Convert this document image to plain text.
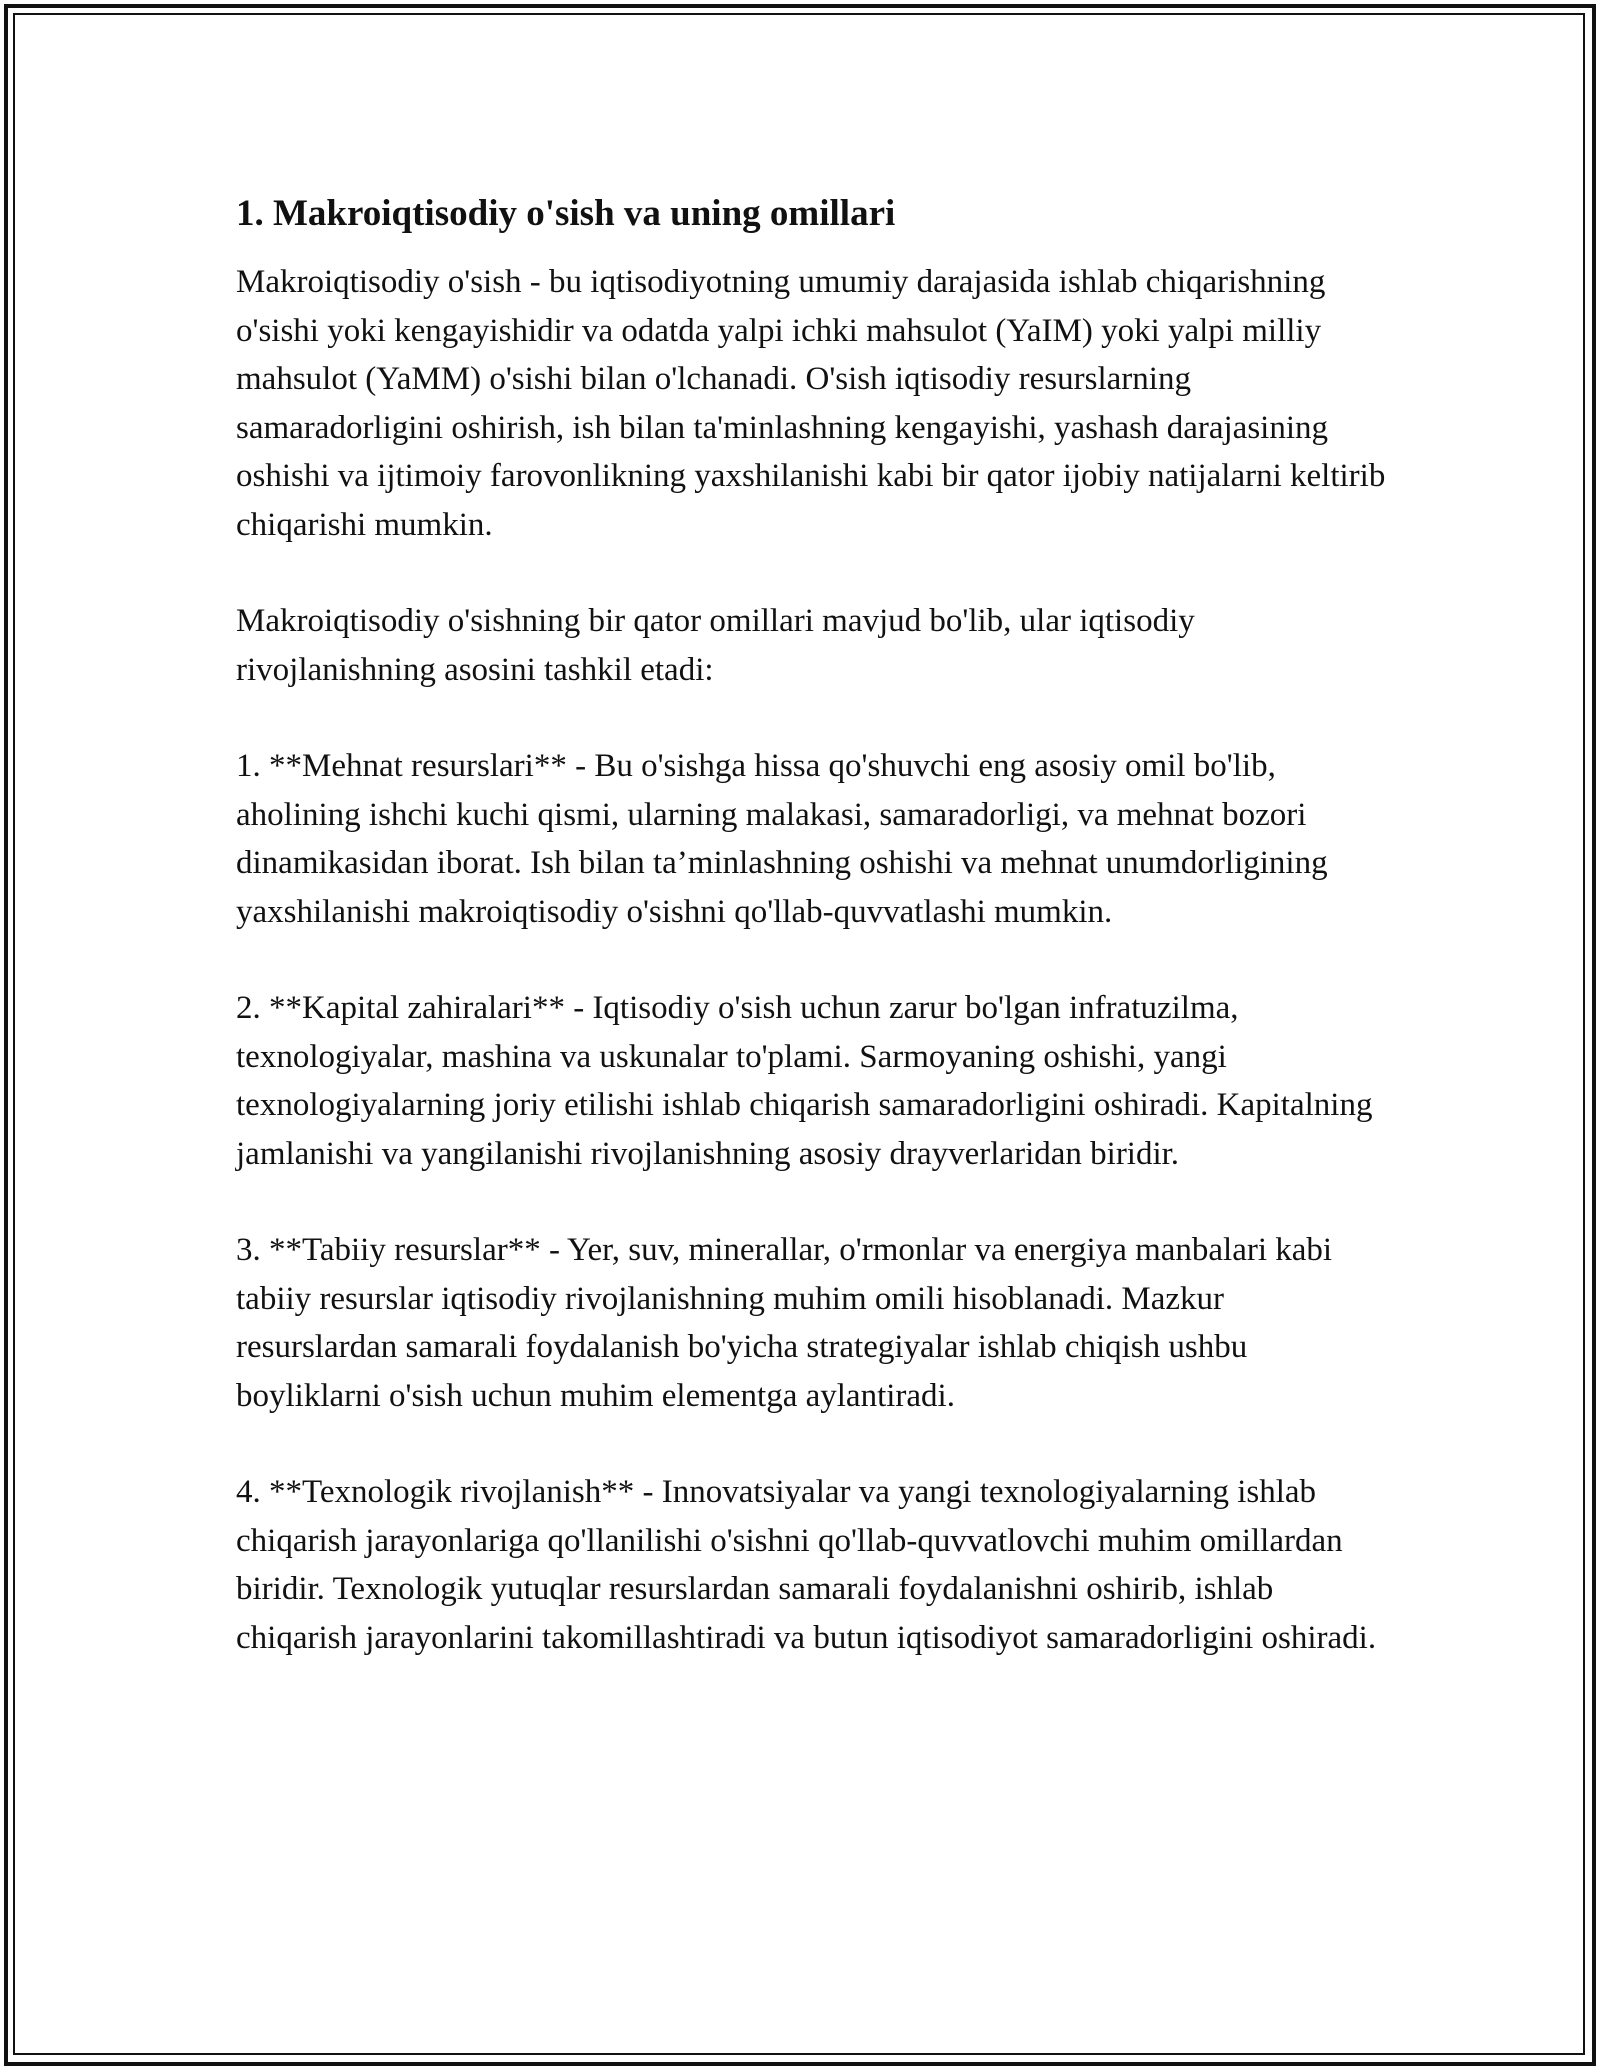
1. Makroiqtisodiy o'sish va uning omillari

Makroiqtisodiy o'sish - bu iqtisodiyotning umumiy darajasida ishlab chiqarishning o'sishi yoki kengayishidir va odatda yalpi ichki mahsulot (YaIM) yoki yalpi milliy mahsulot (YaMM) o'sishi bilan o'lchanadi. O'sish iqtisodiy resurslarning samaradorligini oshirish, ish bilan ta'minlashning kengayishi, yashash darajasining oshishi va ijtimoiy farovonlikning yaxshilanishi kabi bir qator ijobiy natijalarni keltirib chiqarishi mumkin.

Makroiqtisodiy o'sishning bir qator omillari mavjud bo'lib, ular iqtisodiy rivojlanishning asosini tashkil etadi:

1. **Mehnat resurslari** - Bu o'sishga hissa qo'shuvchi eng asosiy omil bo'lib, aholining ishchi kuchi qismi, ularning malakasi, samaradorligi, va mehnat bozori dinamikasidan iborat. Ish bilan ta’minlashning oshishi va mehnat unumdorligining yaxshilanishi makroiqtisodiy o'sishni qo'llab-quvvatlashi mumkin.

2. **Kapital zahiralari** - Iqtisodiy o'sish uchun zarur bo'lgan infratuzilma, texnologiyalar, mashina va uskunalar to'plami. Sarmoyaning oshishi, yangi texnologiyalarning joriy etilishi ishlab chiqarish samaradorligini oshiradi. Kapitalning jamlanishi va yangilanishi rivojlanishning asosiy drayverlaridan biridir.

3. **Tabiiy resurslar** - Yer, suv, minerallar, o'rmonlar va energiya manbalari kabi tabiiy resurslar iqtisodiy rivojlanishning muhim omili hisoblanadi. Mazkur resurslardan samarali foydalanish bo'yicha strategiyalar ishlab chiqish ushbu boyliklarni o'sish uchun muhim elementga aylantiradi.

4. **Texnologik rivojlanish** - Innovatsiyalar va yangi texnologiyalarning ishlab chiqarish jarayonlariga qo'llanilishi o'sishni qo'llab-quvvatlovchi muhim omillardan biridir. Texnologik yutuqlar resurslardan samarali foydalanishni oshirib, ishlab chiqarish jarayonlarini takomillashtiradi va butun iqtisodiyot samaradorligini oshiradi.
